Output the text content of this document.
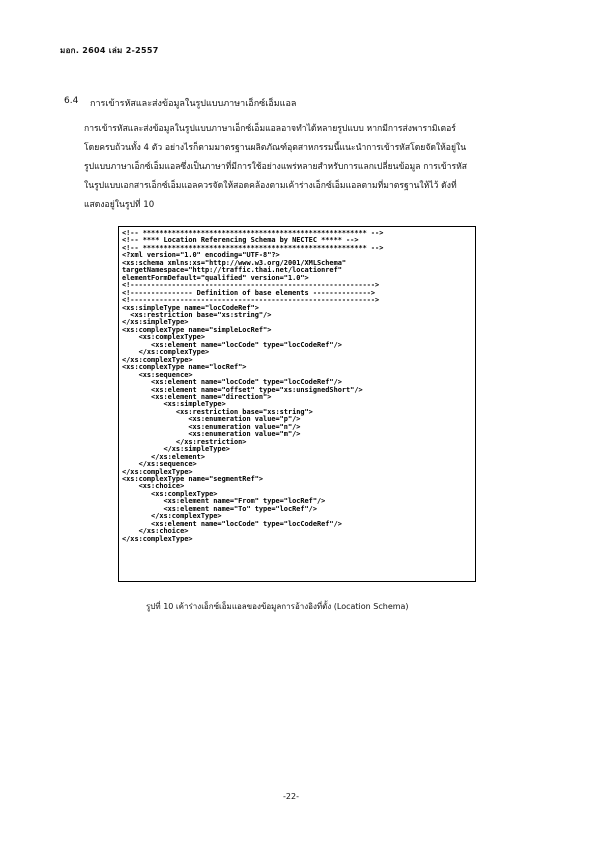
มอก. 2604 เล่ม 2-2557
6.4 การเข้ารหัสและส่งข้อมูลในรูปแบบภาษาเอ็กซ์เอ็มแอล
การเข้ารหัสและส่งข้อมูลในรูปแบบภาษาเอ็กซ์เอ็มแอลอาจทำได้หลายรูปแบบ หากมีการส่งพารามิเตอร์
โดยครบถ้วนทั้ง 4 ตัว อย่างไรก็ตามมาตรฐานผลิตภัณฑ์อุตสาหกรรมนี้แนะนำการเข้ารหัสโดยจัดให้อยู่ใน
รูปแบบภาษาเอ็กซ์เอ็มแอลซึ่งเป็นภาษาที่มีการใช้อย่างแพร่หลายสำหรับการแลกเปลี่ยนข้อมูล การเข้ารหัส
ในรูปแบบเอกสารเอ็กซ์เอ็มแอลควรจัดให้สอดคล้องตามเค้าร่างเอ็กซ์เอ็มแอลตามที่มาตรฐานให้ไว้ ดังที่
แสดงอยู่ในรูปที่ 10
<!-- ****************************************************** -->
<!-- **** Location Referencing Schema by NECTEC ***** -->
<!-- ****************************************************** -->
<?xml version="1.0" encoding="UTF-8"?>
<xs:schema xmlns:xs="http://www.w3.org/2001/XMLSchema"
targetNamespace="http://traffic.thai.net/locationref"
elementFormDefault="qualified" version="1.0">
<!----------------------------------------------------------->
<!--------------- Definition of base elements -------------->
<!----------------------------------------------------------->
<xs:simpleType name="locCodeRef">
<xs:restriction base="xs:string"/>
</xs:simpleType>
<xs:complexType name="simpleLocRef">
<xs:complexType>
<xs:element name="locCode" type="locCodeRef"/>
</xs:complexType>
</xs:complexType>
<xs:complexType name="locRef">
<xs:sequence>
<xs:element name="locCode" type="locCodeRef"/>
<xs:element name="offset" type="xs:unsignedShort"/>
<xs:element name="direction">
<xs:simpleType>
<xs:restriction base="xs:string">
<xs:enumeration value="p"/>
<xs:enumeration value="n"/>
<xs:enumeration value="m"/>
</xs:restriction>
</xs:simpleType>
</xs:element>
</xs:sequence>
</xs:complexType>
<xs:complexType name="segmentRef">
<xs:choice>
<xs:complexType>
<xs:element name="From" type="locRef"/>
<xs:element name="To" type="locRef"/>
</xs:complexType>
<xs:element name="locCode" type="locCodeRef"/>
</xs:choice>
</xs:complexType>
รูปที่ 10 เค้าร่างเอ็กซ์เอ็มแอลของข้อมูลการอ้างอิงที่ตั้ง (Location Schema)
-22-
